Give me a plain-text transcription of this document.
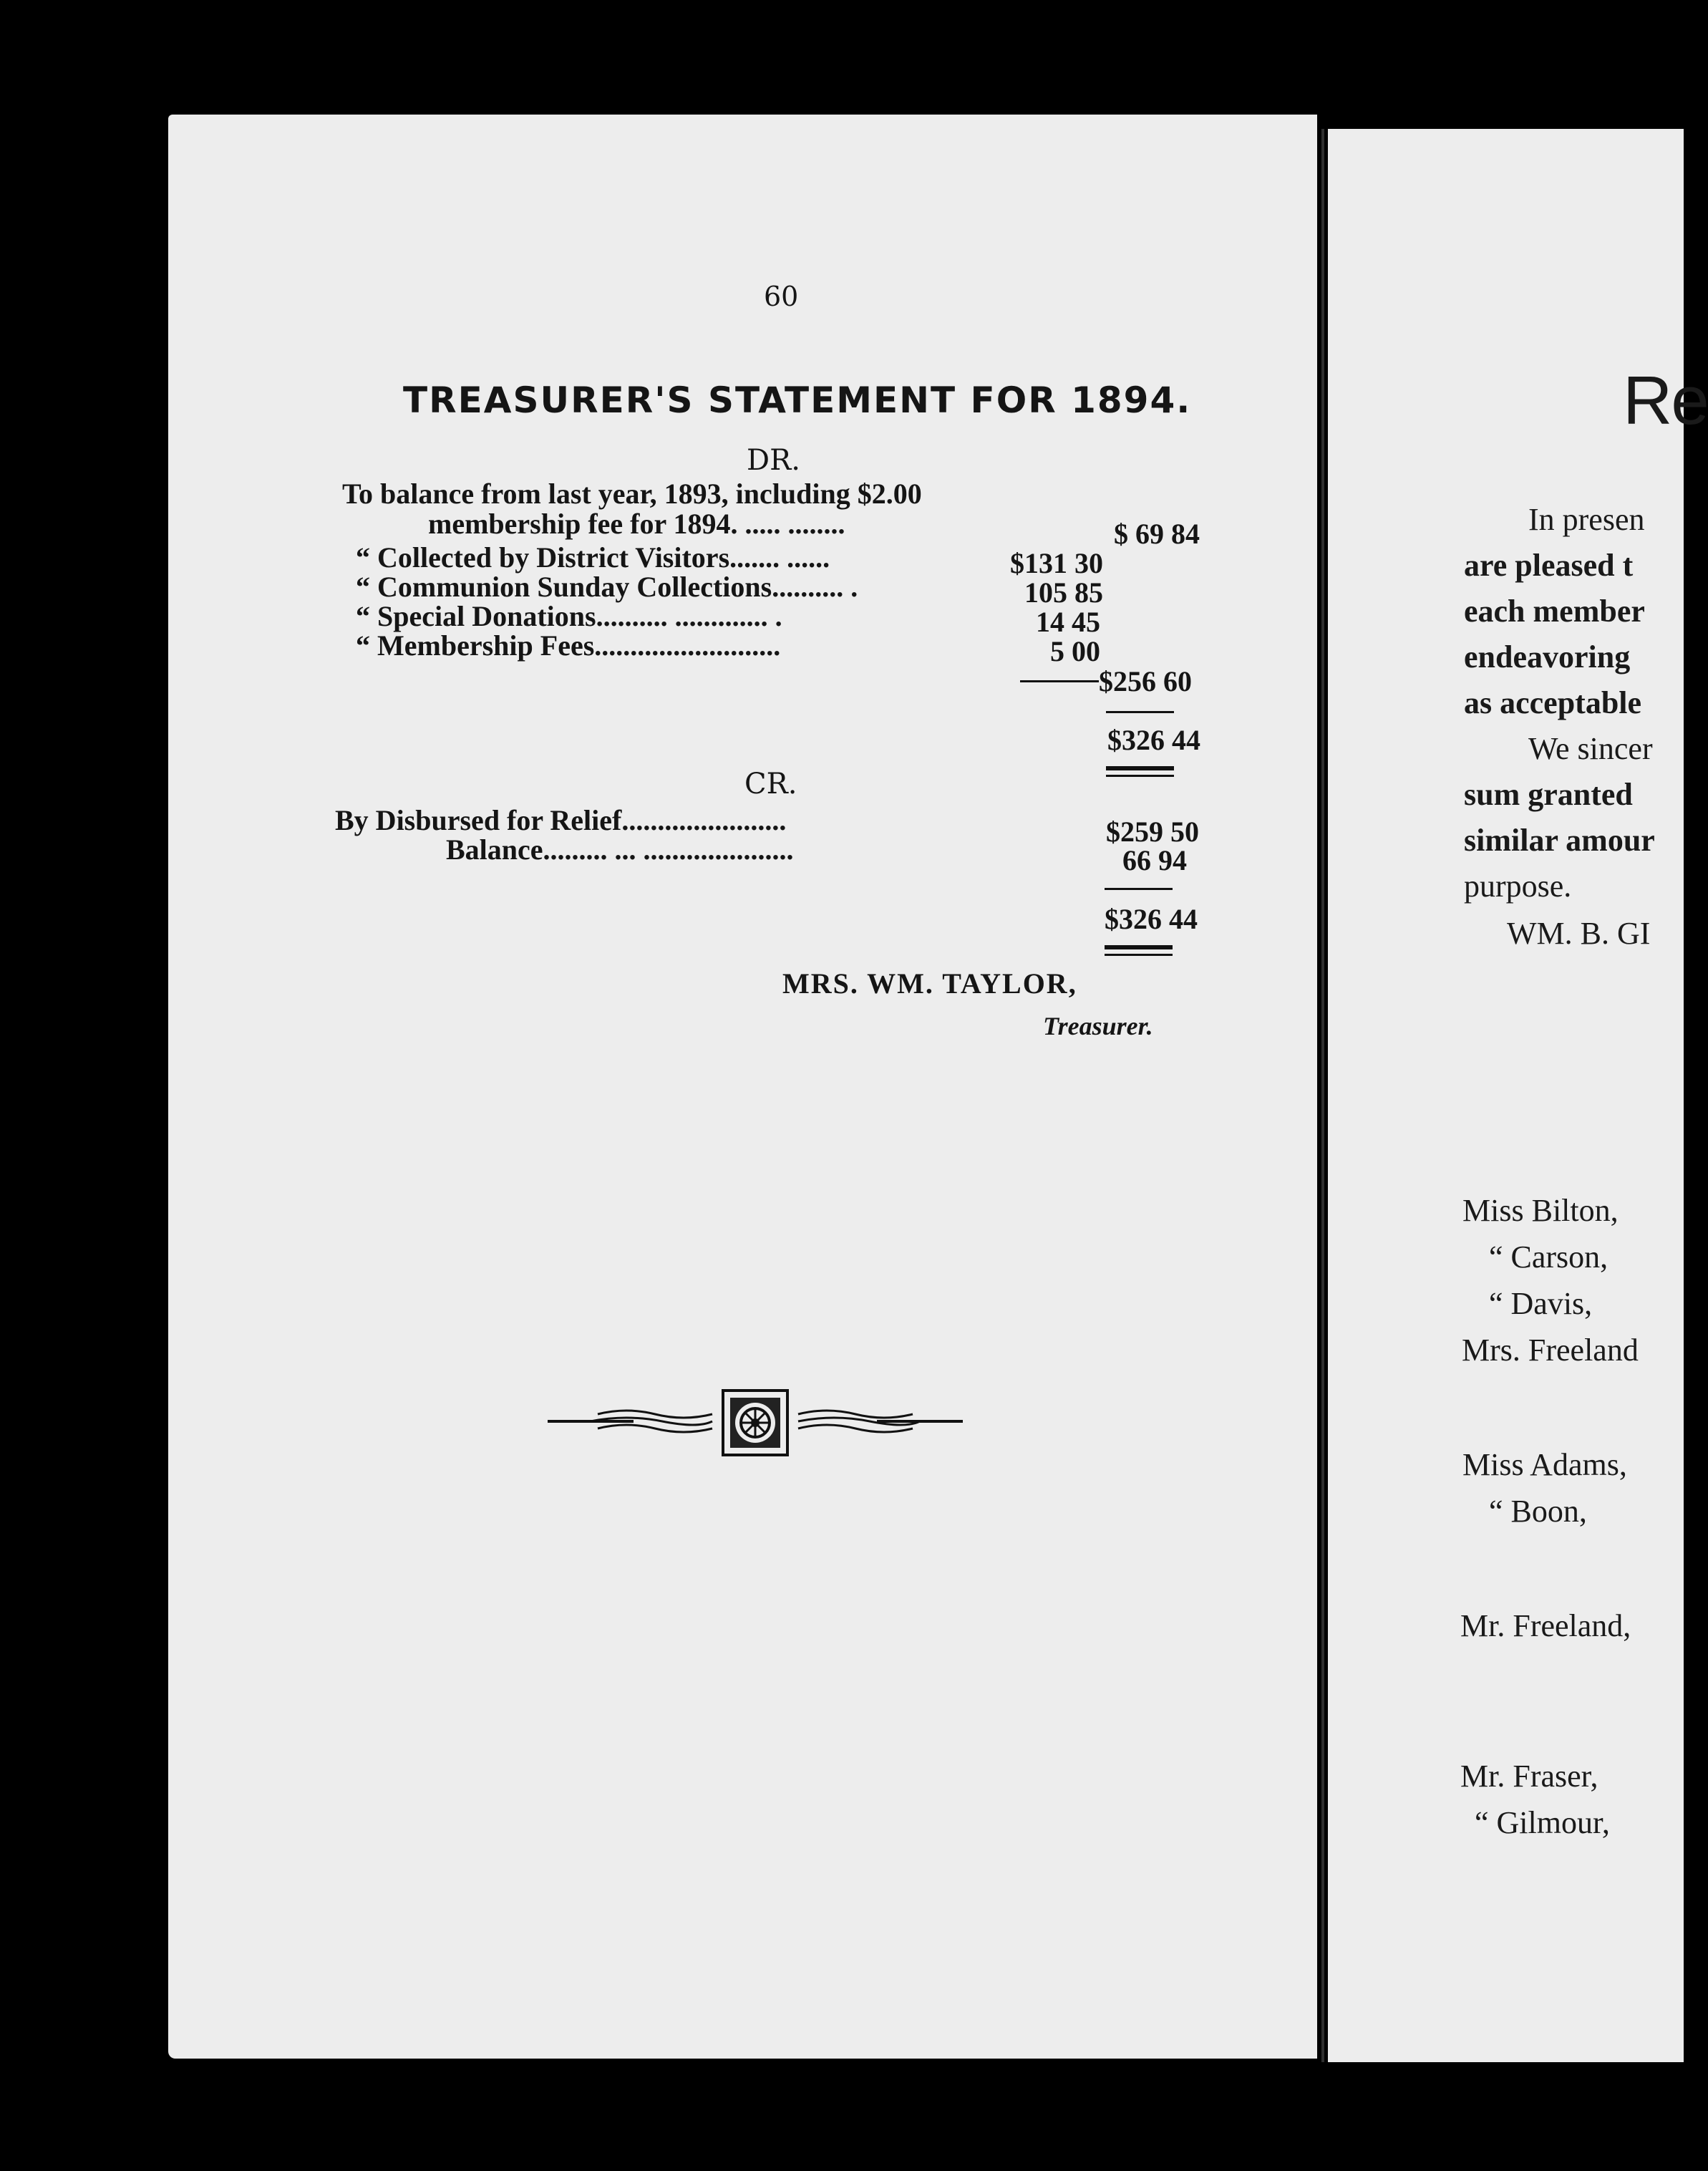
60
TREASURER'S STATEMENT FOR 1894.
DR.
To balance from last year, 1893, including $2.00
membership fee for 1894. ..... ........	$ 69 84
“ Collected by District Visitors....... ......	$131 30
“ Communion Sunday Collections.......... .	105 85
“ Special Donations.......... ............. .	14 45
“ Membership Fees..........................	5 00
$256 60
$326 44
CR.
By Disbursed for Relief.......................	$259 50
Balance......... ... .....................	66 94
$326 44
MRS. WM. TAYLOR,
Treasurer.
Re
In presen
are pleased t
each member
endeavoring
as acceptable
We sincer
sum granted
similar amour
purpose.
WM. B. GI
Miss Bilton,
“ Carson,
“ Davis,
Mrs. Freeland
Miss Adams,
“ Boon,
Mr. Freeland,
Mr. Fraser,
“ Gilmour,
